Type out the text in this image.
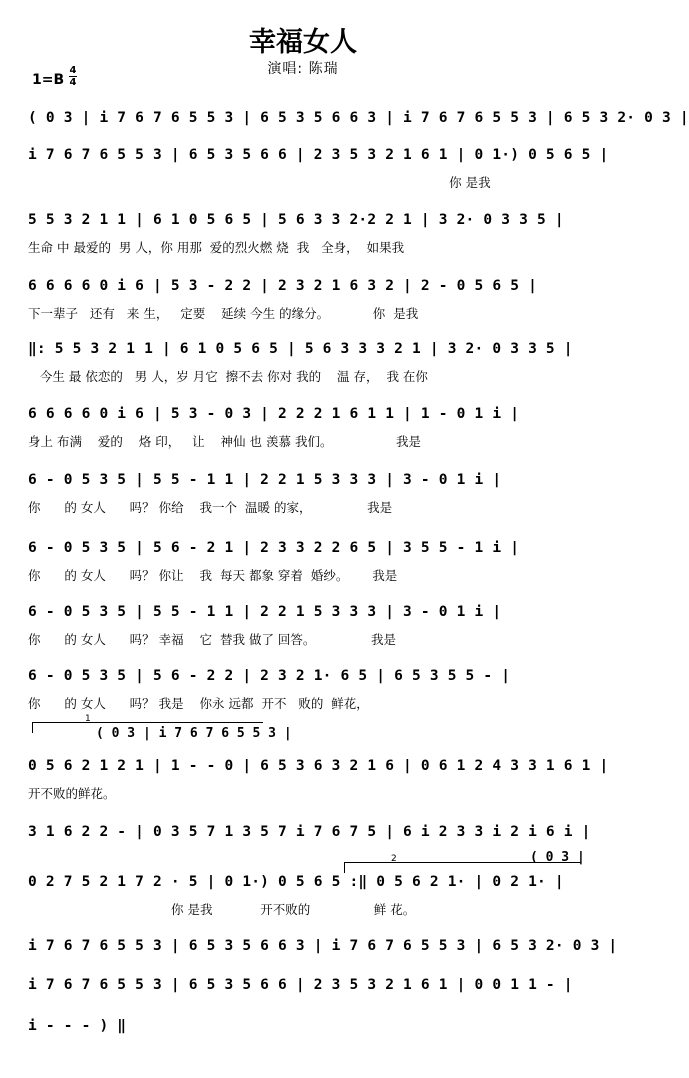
幸福女人
演唱: 陈瑞
1=B
4
4
( 0 3 | i 7 6 7 6 5 5 3 | 6 5 3 5 6 6 3 | i 7 6 7 6 5 5 3 | 6 5 3 2· 0 3 |
i 7 6 7 6 5 5 3 | 6 5 3 5 6 6 | 2 3 5 3 2 1 6 1 | 0 1·) 0 5 6 5 |
你 是我
5 5 3 2 1 1 | 6 1 0 5 6 5 | 5 6 3 3 2·2 2 1 | 3 2· 0 3 3 5 |
生命 中 最爱的  男 人，你 用那  爱的烈火燃 烧  我   全身，  如果我
6 6 6 6 0 i 6 | 5 3 - 2 2 | 2 3 2 1 6 3 2 | 2 - 0 5 6 5 |
下一辈子   还有   来 生，   定要    延续 今生 的缘分。           你  是我
‖: 5 5 3 2 1 1 | 6 1 0 5 6 5 | 5 6 3 3 3 2 1 | 3 2· 0 3 3 5 |
今生 最 依恋的   男 人，岁 月它  擦不去 你对 我的    温 存，  我 在你
6 6 6 6 0 i 6 | 5 3 - 0 3 | 2 2 2 1 6 1 1 | 1 - 0 1 i |
身上 布满    爱的    烙 印，   让    神仙 也 羡慕 我们。                我是
6 - 0 5 3 5 | 5 5 - 1 1 | 2 2 1 5 3 3 3 | 3 - 0 1 i |
你      的 女人      吗？ 你给    我一个  温暖 的家，              我是
6 - 0 5 3 5 | 5 6 - 2 1 | 2 3 3 2 2 6 5 | 3 5 5 - 1 i |
你      的 女人      吗？ 你让    我  每天 都象 穿着  婚纱。      我是
6 - 0 5 3 5 | 5 5 - 1 1 | 2 2 1 5 3 3 3 | 3 - 0 1 i |
你      的 女人      吗？ 幸福    它  替我 做了 回答。              我是
6 - 0 5 3 5 | 5 6 - 2 2 | 2 3 2 1· 6 5 | 6 5 3 5 5 - |
你      的 女人      吗？ 我是    你永 远都  开不   败的  鲜花，
0 5 6 2 1 2 1 | 1 - - 0 | 6 5 3 6 3 2 1 6 | 0 6 1 2 4 3 3 1 6 1 |
开不败的鲜花。
3 1 6 2 2 - | 0 3 5 7 1 3 5 7 i 7 6 7 5 | 6 i 2 3 3 i 2 i 6 i |
0 2 7 5 2 1 7 2 · 5 | 0 1·) 0 5 6 5 :‖ 0 5 6 2 1· | 0 2 1· |
你 是我            开不败的                鲜 花。
i 7 6 7 6 5 5 3 | 6 5 3 5 6 6 3 | i 7 6 7 6 5 5 3 | 6 5 3 2· 0 3 |
i 7 6 7 6 5 5 3 | 6 5 3 5 6 6 | 2 3 5 3 2 1 6 1 | 0 0 1 1 - |
i - - - ) ‖
1
( 0 3 | i 7 6 7 6 5 5 3 |
2	( 0 3 |
